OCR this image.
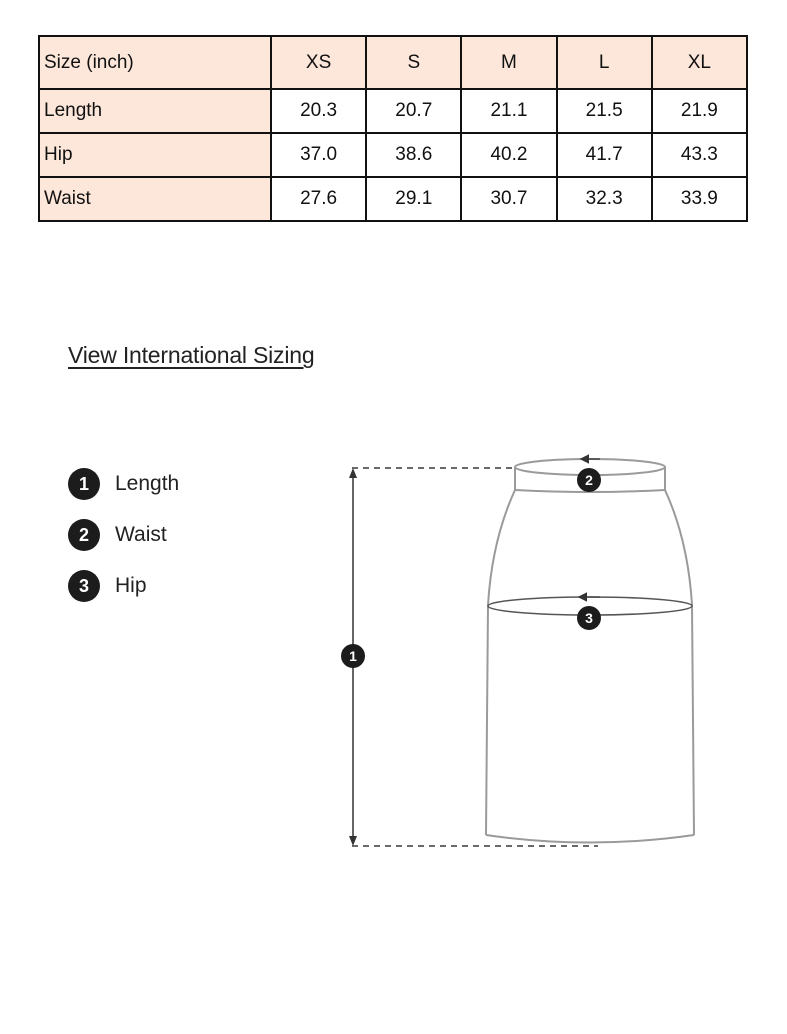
Size (inch)	XS	S	M	L	XL
Length	20.3	20.7	21.1	21.5	21.9
Hip	37.0	38.6	40.2	41.7	43.3
Waist	27.6	29.1	30.7	32.3	33.9
View International Sizing
1	Length
2	Waist
3	Hip
1
2
3
